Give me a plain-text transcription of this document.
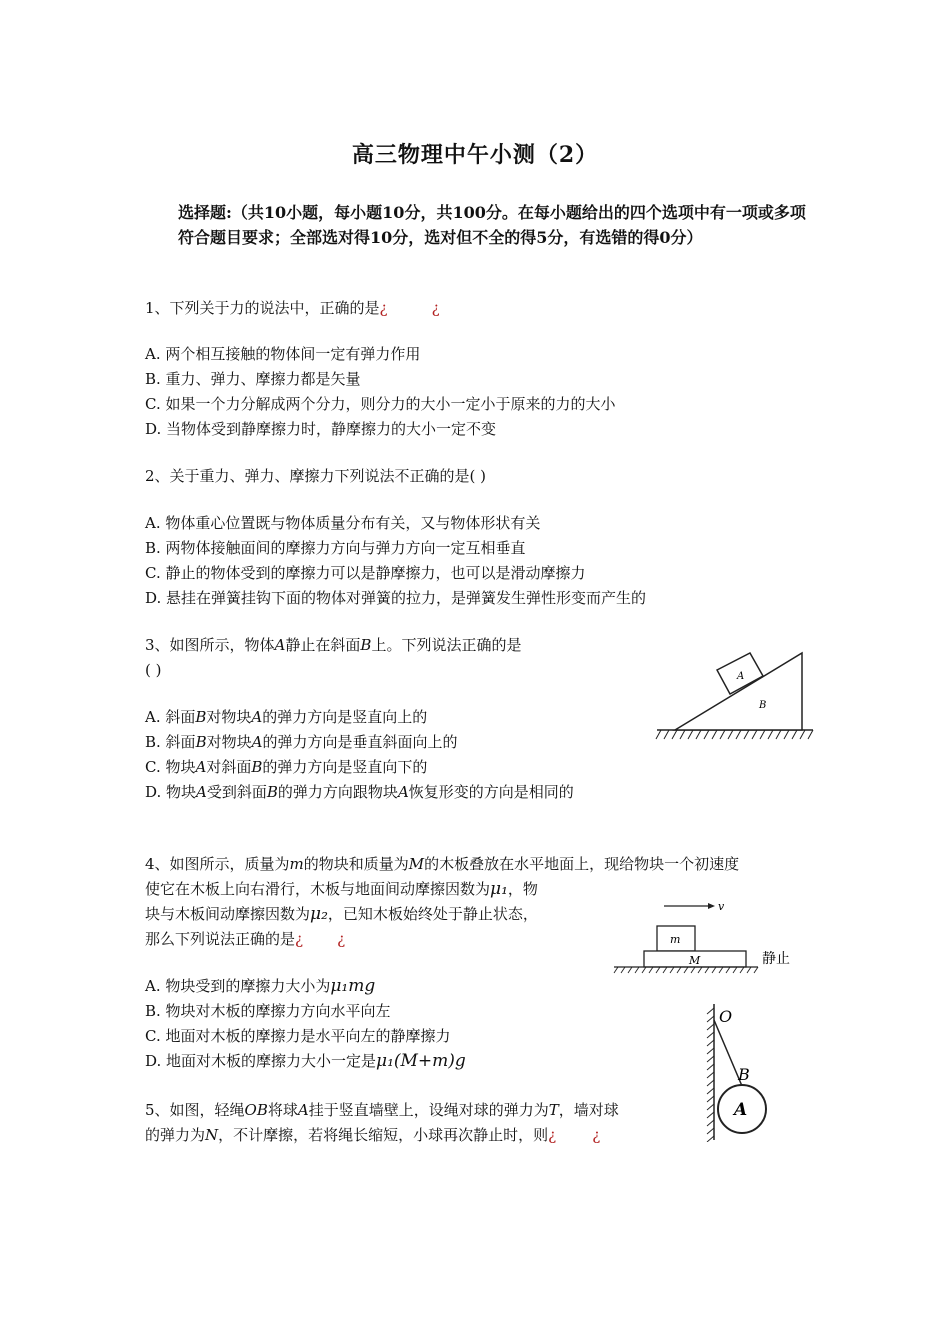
高三物理中午小测（2）
选择题:（共10小题，每小题10分，共100分。在每小题给出的四个选项中有一项或多项符合题目要求；全部选对得10分，选对但不全的得5分，有选错的得0分）
1、下列关于力的说法中，正确的是¿	¿
A. 两个相互接触的物体间一定有弹力作用
B. 重力、弹力、摩擦力都是矢量
C. 如果一个力分解成两个分力，则分力的大小一定小于原来的力的大小
D. 当物体受到静摩擦力时，静摩擦力的大小一定不变
2、关于重力、弹力、摩擦力下列说法不正确的是( )
A. 物体重心位置既与物体质量分布有关，又与物体形状有关
B. 两物体接触面间的摩擦力方向与弹力方向一定互相垂直
C. 静止的物体受到的摩擦力可以是静摩擦力，也可以是滑动摩擦力
D. 悬挂在弹簧挂钩下面的物体对弹簧的拉力，是弹簧发生弹性形变而产生的
3、如图所示，物体A静止在斜面B上。下列说法正确的是
( )
A. 斜面B对物块A的弹力方向是竖直向上的
B. 斜面B对物块A的弹力方向是垂直斜面向上的
C. 物块A对斜面B的弹力方向是竖直向下的
D. 物块A受到斜面B的弹力方向跟物块A恢复形变的方向是相同的
A
B
4、如图所示，质量为m的物块和质量为M的木板叠放在水平地面上，现给物块一个初速度
使它在木板上向右滑行，木板与地面间动摩擦因数为μ₁，物
块与木板间动摩擦因数为μ₂，已知木板始终处于静止状态，
那么下列说法正确的是¿ ¿
A. 物块受到的摩擦力大小为μ₁mg
B. 物块对木板的摩擦力方向水平向左
C. 地面对木板的摩擦力是水平向左的静摩擦力
D. 地面对木板的摩擦力大小一定是μ₁(M+m)g
v
m
M	静止
5、如图，轻绳OB将球A挂于竖直墙壁上，设绳对球的弹力为T，墙对球
的弹力为N，不计摩擦，若将绳长缩短，小球再次静止时，则¿ ¿
O
B
A
